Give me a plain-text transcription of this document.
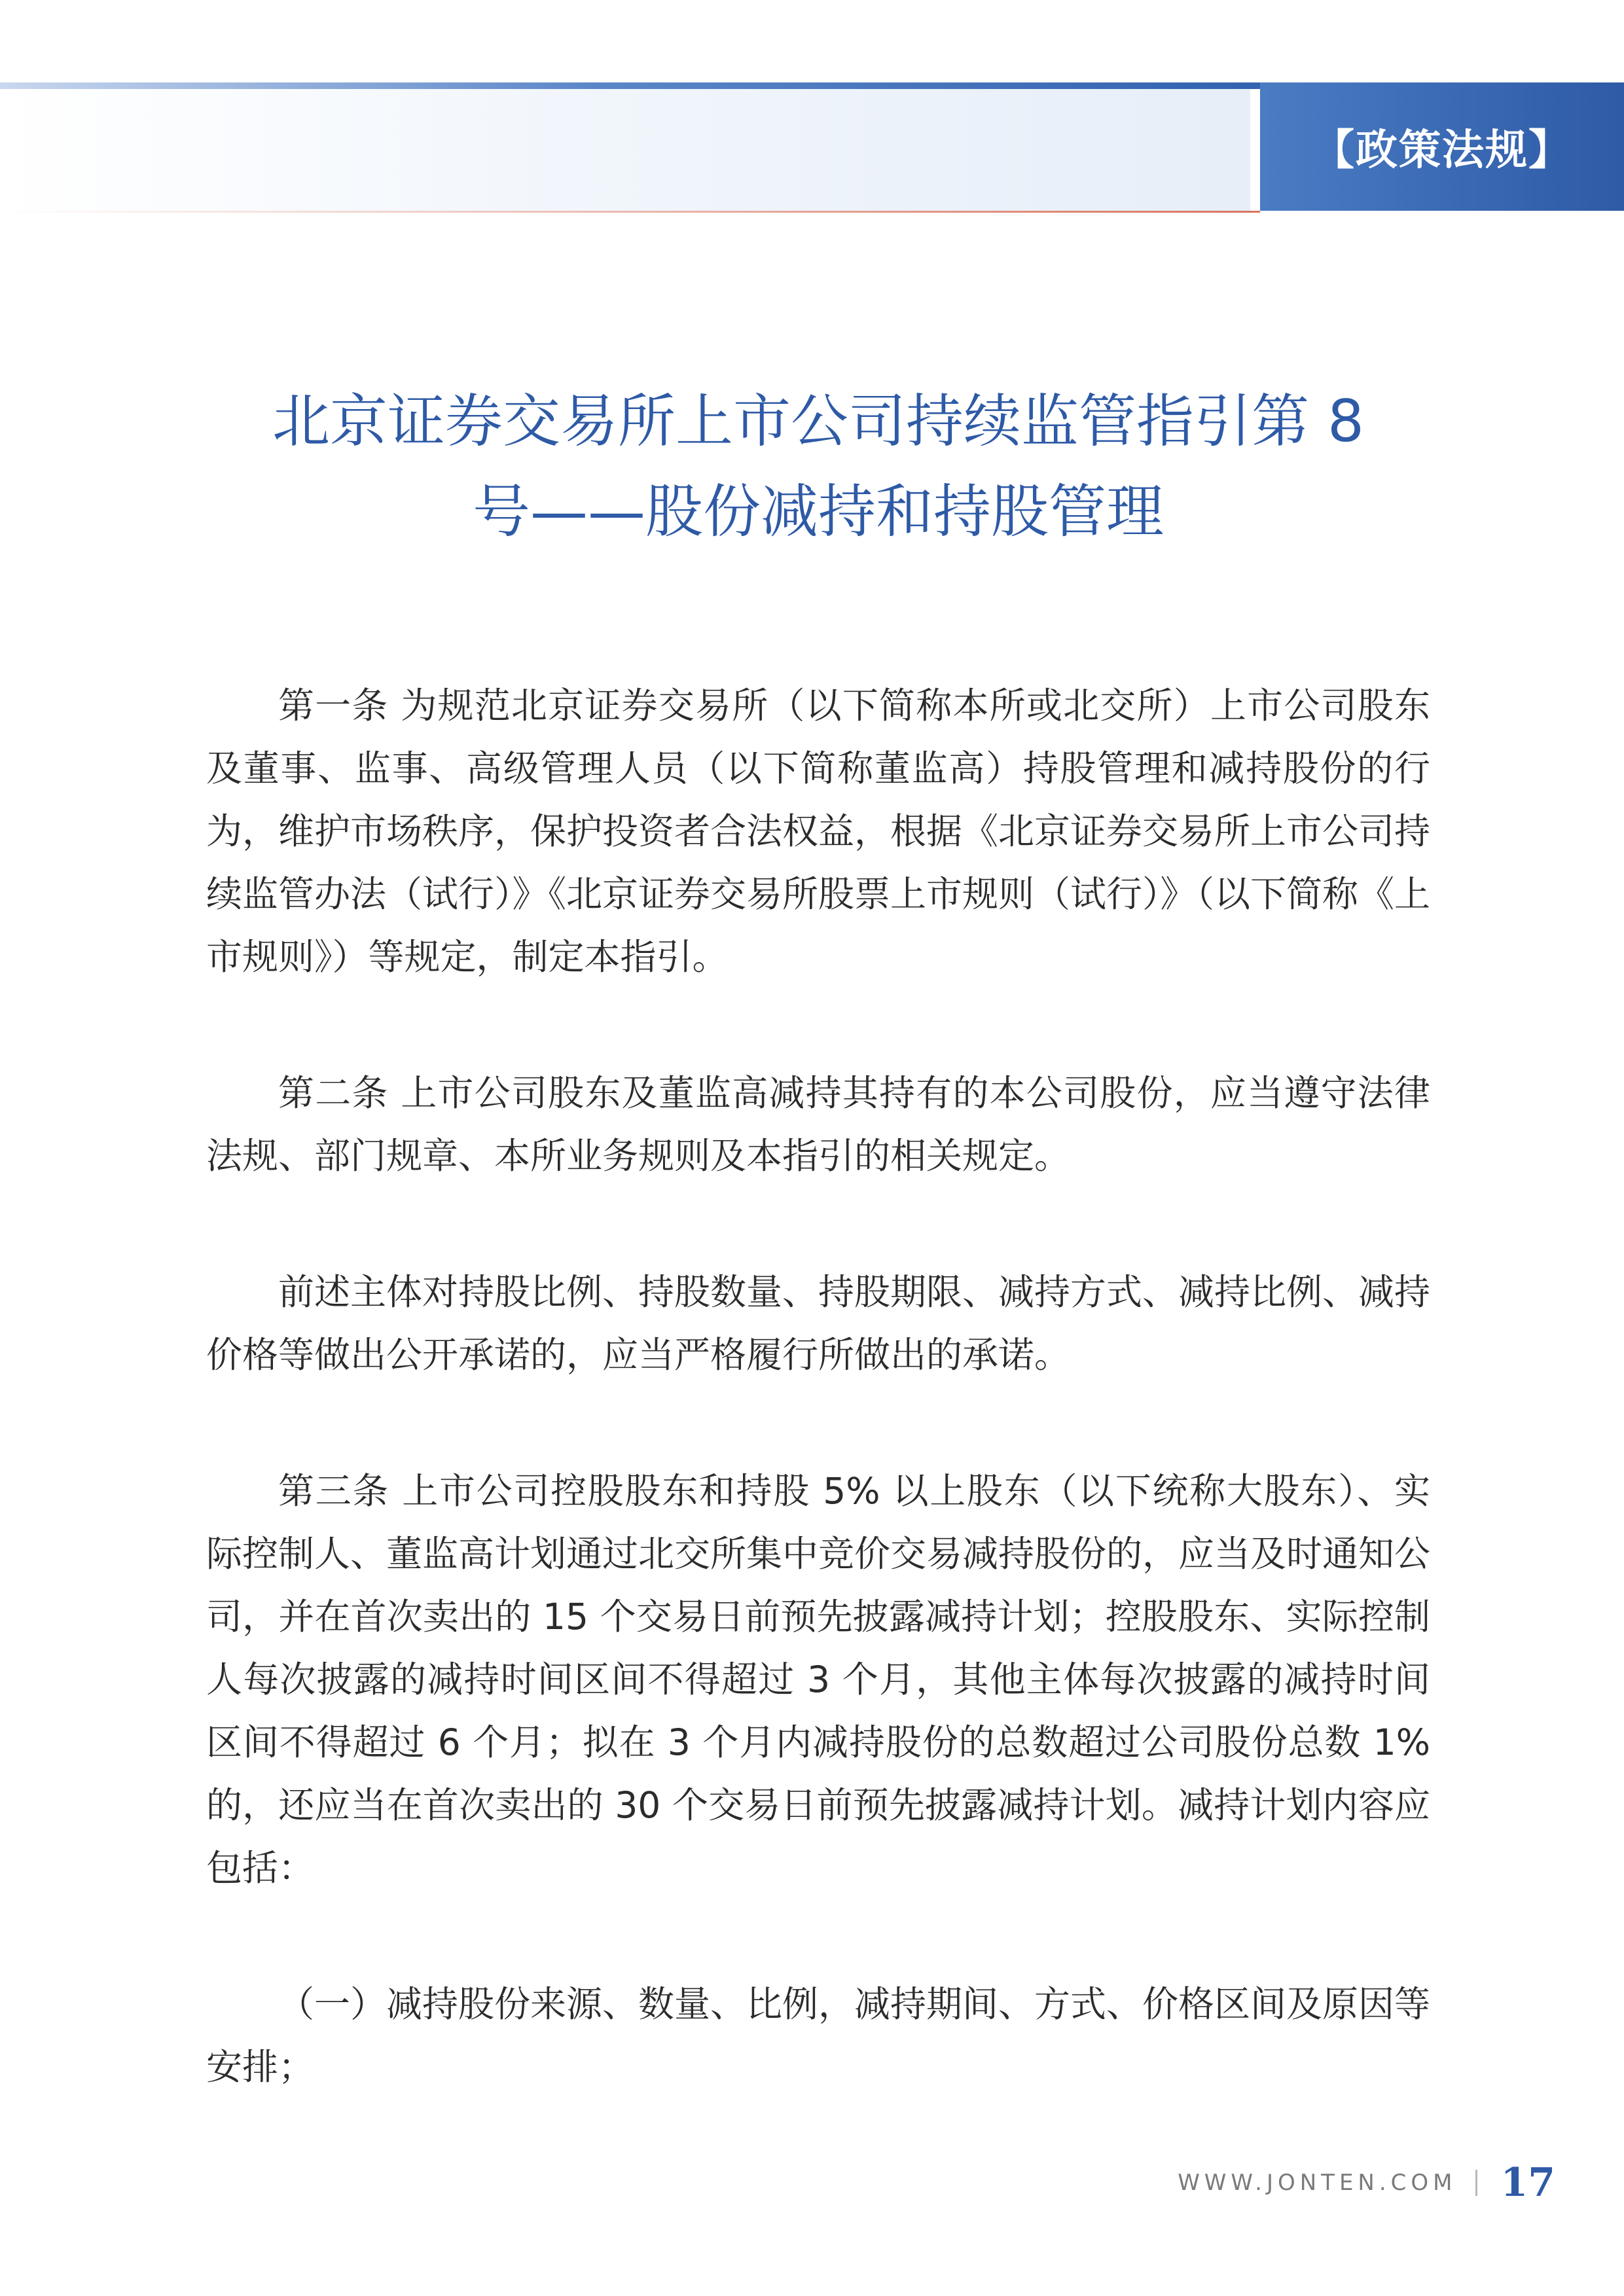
【政策法规】
北京证券交易所上市公司持续监管指引第 8
号——股份减持和持股管理

第一条 为规范北京证券交易所（以下简称本所或北交所）上市公司股东及董事、监事、高级管理人员（以下简称董监高）持股管理和减持股份的行为，维护市场秩序，保护投资者合法权益，根据《北京证券交易所上市公司持续监管办法（试行）》《北京证券交易所股票上市规则（试行）》（以下简称《上市规则》）等规定，制定本指引。

第二条 上市公司股东及董监高减持其持有的本公司股份，应当遵守法律法规、部门规章、本所业务规则及本指引的相关规定。

前述主体对持股比例、持股数量、持股期限、减持方式、减持比例、减持价格等做出公开承诺的，应当严格履行所做出的承诺。

第三条 上市公司控股股东和持股 5% 以上股东（以下统称大股东）、实际控制人、董监高计划通过北交所集中竞价交易减持股份的，应当及时通知公司，并在首次卖出的 15 个交易日前预先披露减持计划；控股股东、实际控制人每次披露的减持时间区间不得超过 3 个月，其他主体每次披露的减持时间区间不得超过 6 个月；拟在 3 个月内减持股份的总数超过公司股份总数 1% 的，还应当在首次卖出的 30 个交易日前预先披露减持计划。减持计划内容应包括：

（一）减持股份来源、数量、比例，减持期间、方式、价格区间及原因等安排；

WWW.JONTEN.COM 17
